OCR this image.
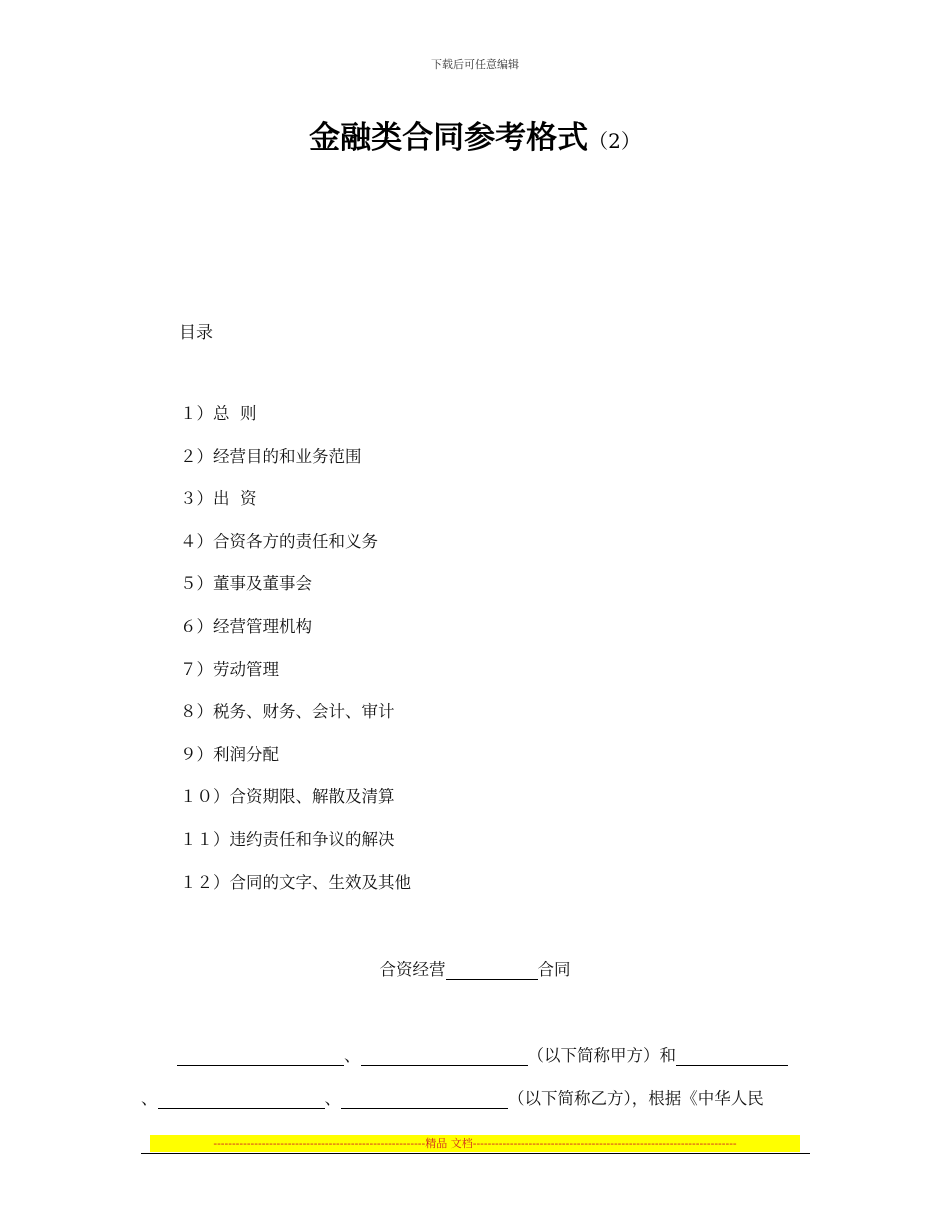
下载后可任意编辑
金融类合同参考格式（2）
目录
１）总  则
２）经营目的和业务范围
３）出  资
４）合资各方的责任和义务
５）董事及董事会
６）经营管理机构
７）劳动管理
８）税务、财务、会计、审计
９）利润分配
１０）合资期限、解散及清算
１１）违约责任和争议的解决
１２）合同的文字、生效及其他
合资经营	合同
、	（以下简称甲方）和
、	、	（以下简称乙方），根据《中华人民
---------------------------------------------------------精品 文档-----------------------------------------------------------------------
